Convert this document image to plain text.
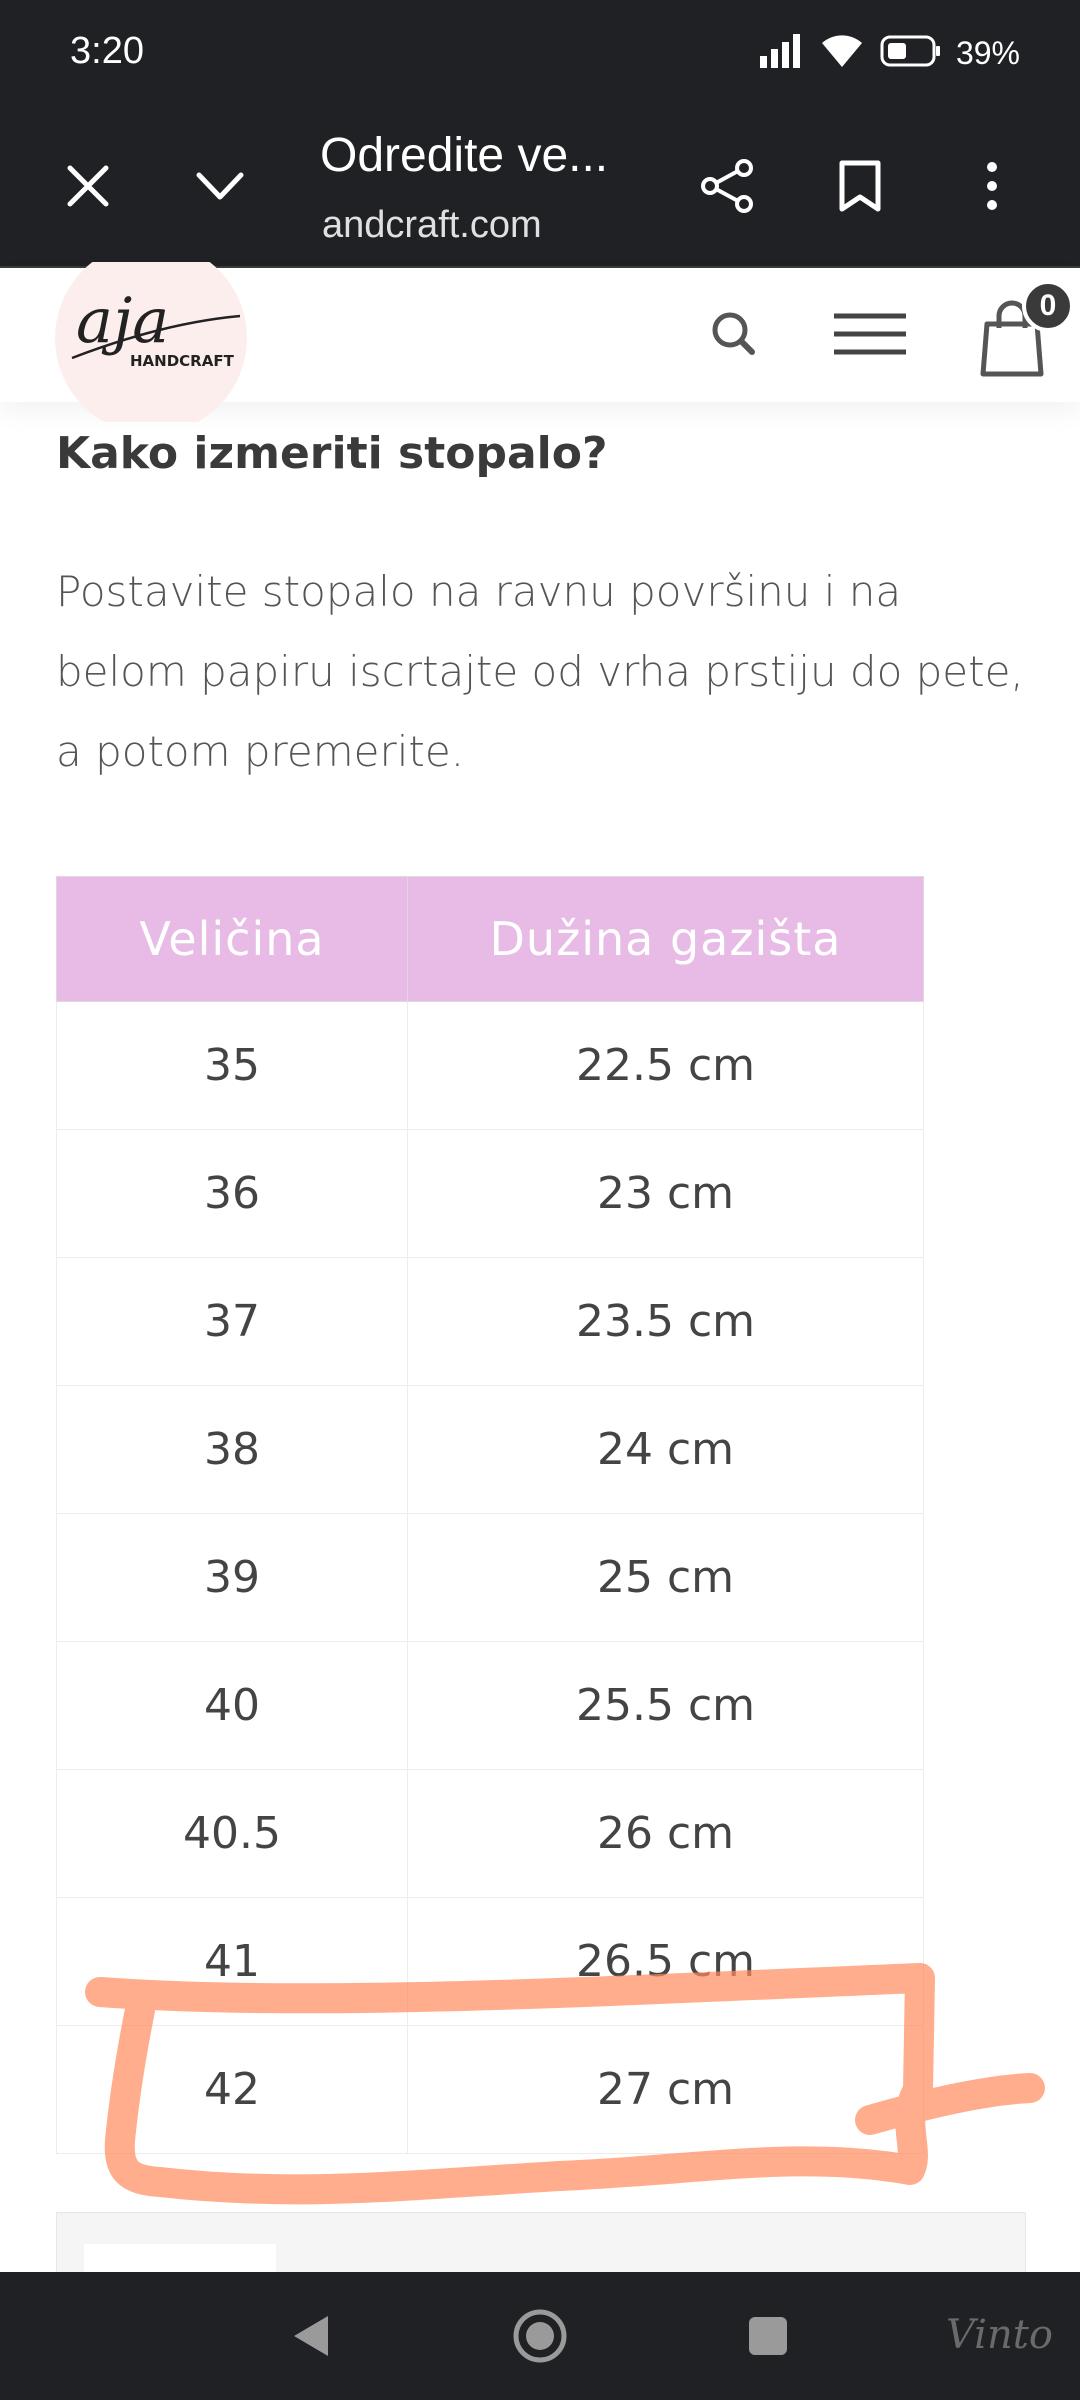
3:20	39%
Odredite ve...
andcraft.com
aja
HANDCRAFT
0
Kako izmeriti stopalo?
Postavite stopalo na ravnu površinu i na belom papiru iscrtajte od vrha prstiju do pete, a potom premerite.
Veličina	Dužina gazišta
35	22.5 cm
36	23 cm
37	23.5 cm
38	24 cm
39	25 cm
40	25.5 cm
40.5	26 cm
41	26.5 cm
42	27 cm
Vinto
